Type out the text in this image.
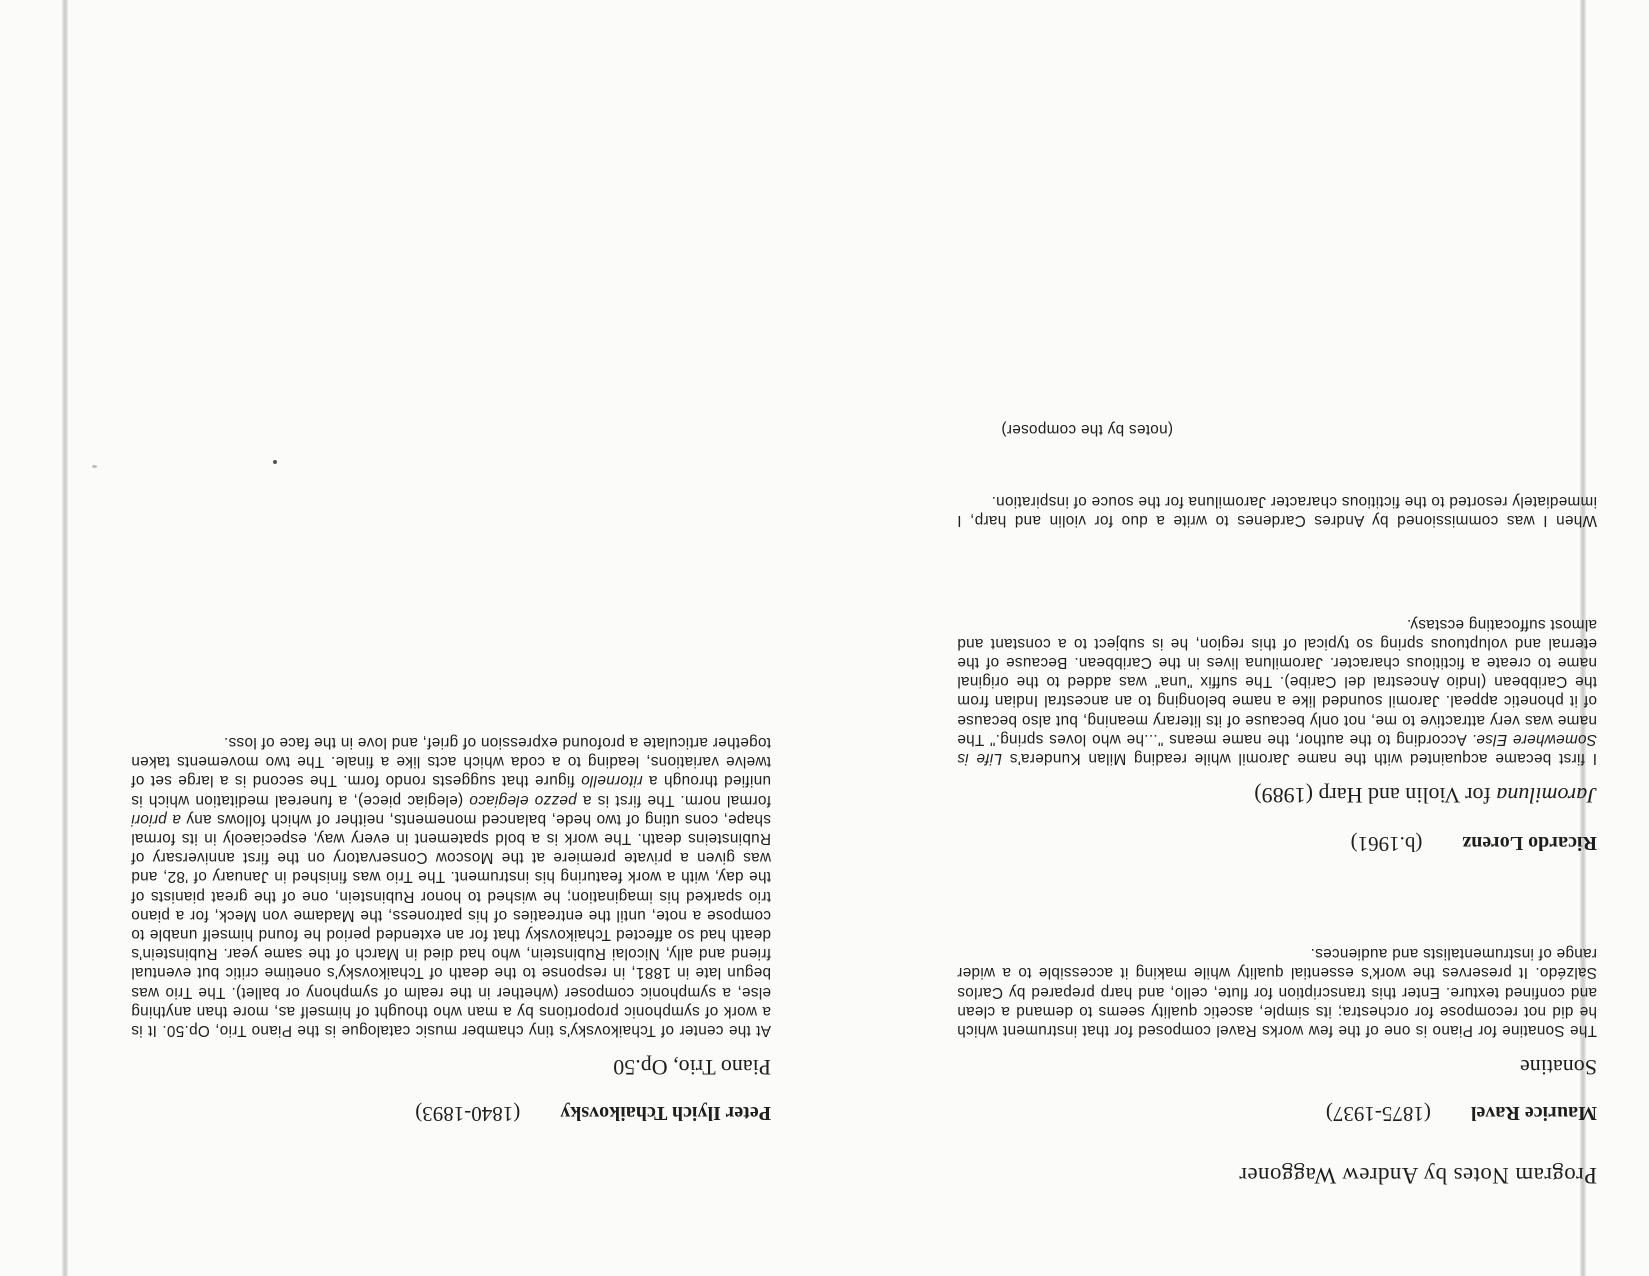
Program Notes by Andrew Waggoner
Maurice Ravel
(1875-1937)
Sonatine
The Sonatine for Piano is one of the few works Ravel composed for that instrument which he did not recompose for orchestra; its simple, ascetic quality seems to demand a clean and confined texture. Enter this transcription for flute, cello, and harp prepared by Carlos Salzédo. It preserves the work's essential quality while making it accessible to a wider range of instrumentalists and audiences.
Ricardo Lorenz
(b.1961)
Jaromiluna for Violin and Harp (1989)
I first became acquainted with the name Jaromil while reading Milan Kundera's Life is Somewhere Else. According to the author, the name means "...he who loves spring." The name was very attractive to me, not only because of its literary meaning, but also because of it phonetic appeal. Jaromil sounded like a name belonging to an ancestral Indian from the Caribbean (Indio Ancestral del Caribe). The suffix "una" was added to the original name to create a fictitious character. Jaromiluna lives in the Caribbean. Because of the eternal and voluptuous spring so typical of this region, he is subject to a constant and almost suffocating ecstasy.
When I was commissioned by Andres Cardenes to write a duo for violin and harp, I immediately resorted to the fictitious character Jaromiluna for the souce of inspiration.
(notes by the composer)
Peter Ilyich Tchaikovsky
(1840-1893)
Piano Trio, Op.50
At the center of Tchaikovsky's tiny chamber music catalogue is the Piano Trio, Op.50. It is a work of symphonic proportions by a man who thought of himself as, more than anything else, a symphonic composer (whether in the realm of symphony or ballet). The Trio was begun late in 1881, in response to the death of Tchaikovsky's onetime critic but eventual friend and ally, Nicolai Rubinstein, who had died in March of the same year. Rubinstein's death had so affected Tchaikovsky that for an extended period he found himself unable to compose a note, until the entreaties of his patroness, the Madame von Meck, for a piano trio sparked his imagination; he wished to honor Rubinstein, one of the great pianists of the day, with a work featuring his instrument. The Trio was finished in January of '82, and was given a private premiere at the Moscow Conservatory on the first anniversary of Rubinsteins death. The work is a bold spatement in every way, especiaeoly in its formal shape, cons uting of two hede, balanced monements, neither of which follows any a priori formal norm. The first is a pezzo elegiaco (elegiac piece), a funereal meditation which is unified through a ritornello figure that suggests rondo form. The second is a large set of twelve variations, leading to a coda which acts like a finale. The two movements taken together articulate a profound expression of grief, and love in the face of loss.
